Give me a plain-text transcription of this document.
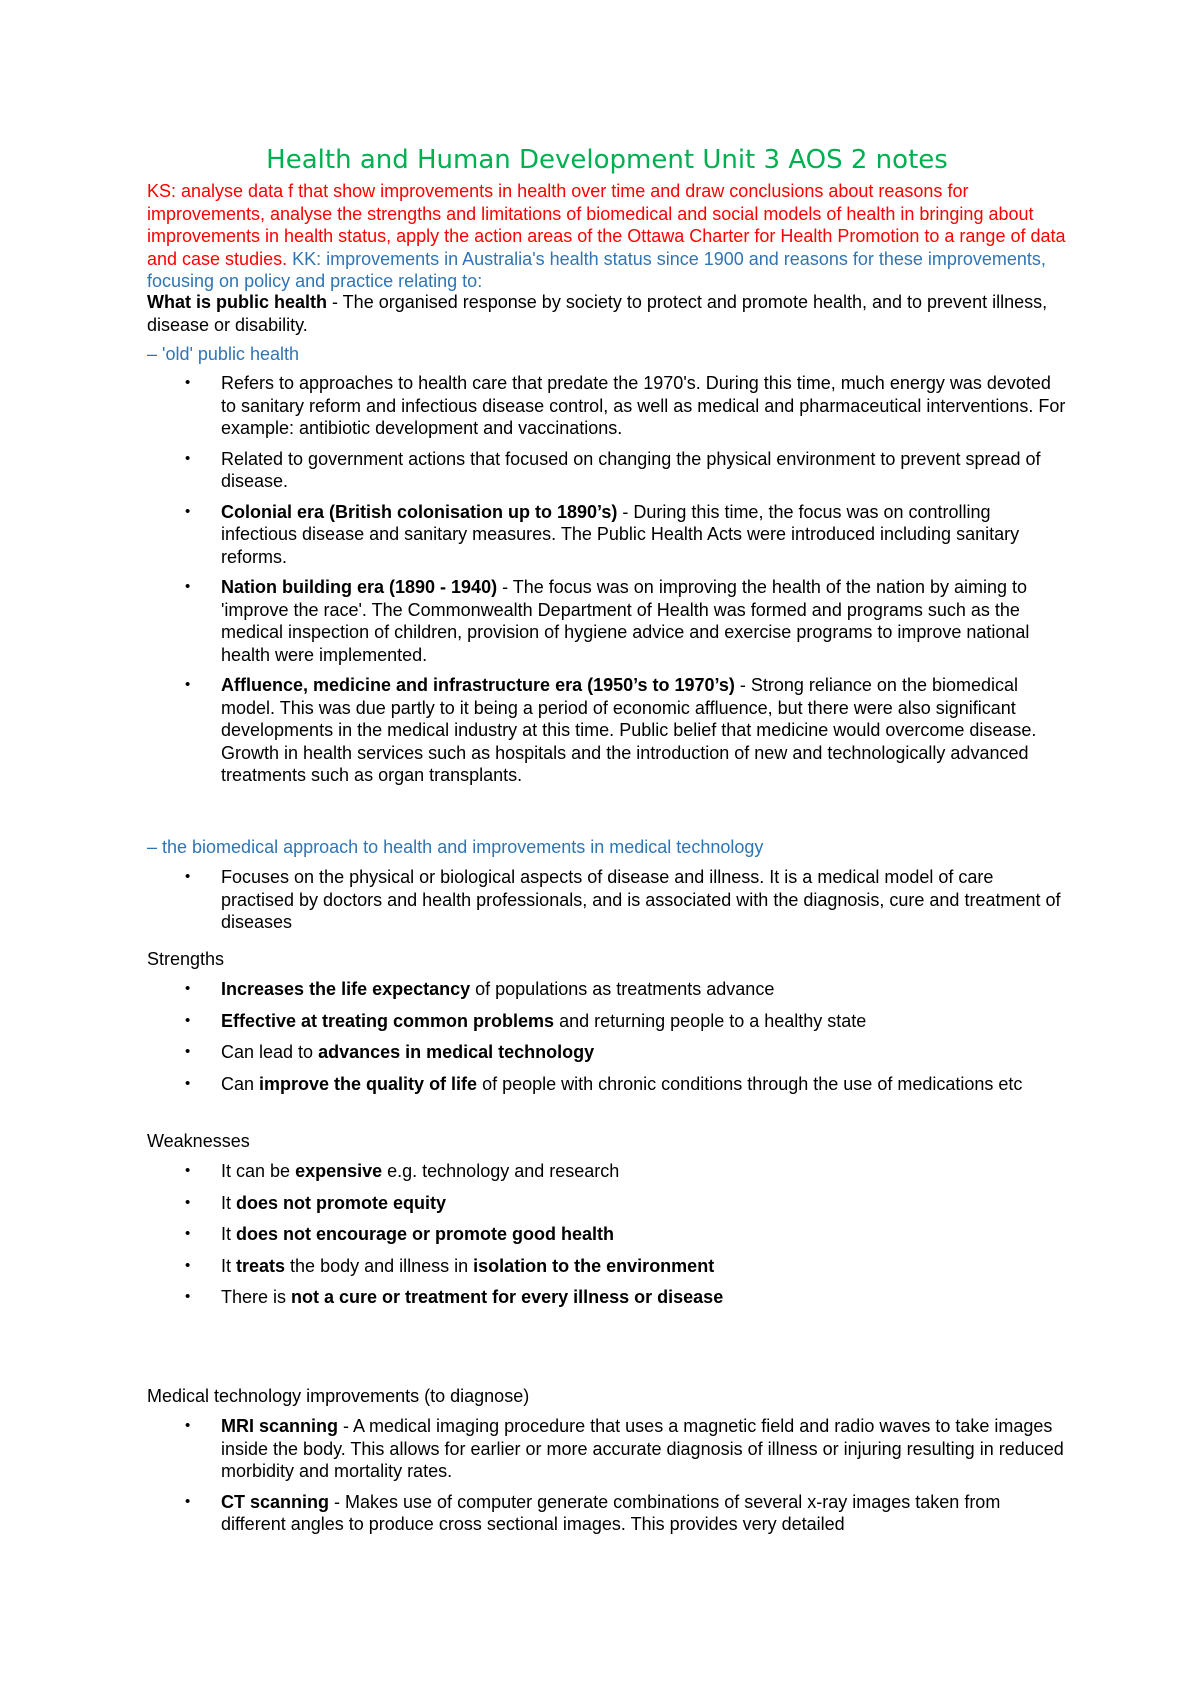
Health and Human Development Unit 3 AOS 2 notes

KS: analyse data f that show improvements in health over time and draw conclusions about reasons for improvements, analyse the strengths and limitations of biomedical and social models of health in bringing about improvements in health status, apply the action areas of the Ottawa Charter for Health Promotion to a range of data and case studies. KK: improvements in Australia's health status since 1900 and reasons for these improvements, focusing on policy and practice relating to:

What is public health - The organised response by society to protect and promote health, and to prevent illness, disease or disability.

– 'old' public health

• Refers to approaches to health care that predate the 1970's. During this time, much energy was devoted to sanitary reform and infectious disease control, as well as medical and pharmaceutical interventions. For example: antibiotic development and vaccinations.
• Related to government actions that focused on changing the physical environment to prevent spread of disease.
• Colonial era (British colonisation up to 1890’s) - During this time, the focus was on controlling infectious disease and sanitary measures. The Public Health Acts were introduced including sanitary reforms.
• Nation building era (1890 - 1940) - The focus was on improving the health of the nation by aiming to 'improve the race'. The Commonwealth Department of Health was formed and programs such as the medical inspection of children, provision of hygiene advice and exercise programs to improve national health were implemented.
• Affluence, medicine and infrastructure era (1950’s to 1970’s) - Strong reliance on the biomedical model. This was due partly to it being a period of economic affluence, but there were also significant developments in the medical industry at this time. Public belief that medicine would overcome disease. Growth in health services such as hospitals and the introduction of new and technologically advanced treatments such as organ transplants.

– the biomedical approach to health and improvements in medical technology

• Focuses on the physical or biological aspects of disease and illness. It is a medical model of care practised by doctors and health professionals, and is associated with the diagnosis, cure and treatment of diseases

Strengths

• Increases the life expectancy of populations as treatments advance
• Effective at treating common problems and returning people to a healthy state
• Can lead to advances in medical technology
• Can improve the quality of life of people with chronic conditions through the use of medications etc

Weaknesses

• It can be expensive e.g. technology and research
• It does not promote equity
• It does not encourage or promote good health
• It treats the body and illness in isolation to the environment
• There is not a cure or treatment for every illness or disease

Medical technology improvements (to diagnose)

• MRI scanning - A medical imaging procedure that uses a magnetic field and radio waves to take images inside the body. This allows for earlier or more accurate diagnosis of illness or injuring resulting in reduced morbidity and mortality rates.
• CT scanning - Makes use of computer generate combinations of several x-ray images taken from different angles to produce cross sectional images. This provides very detailed
